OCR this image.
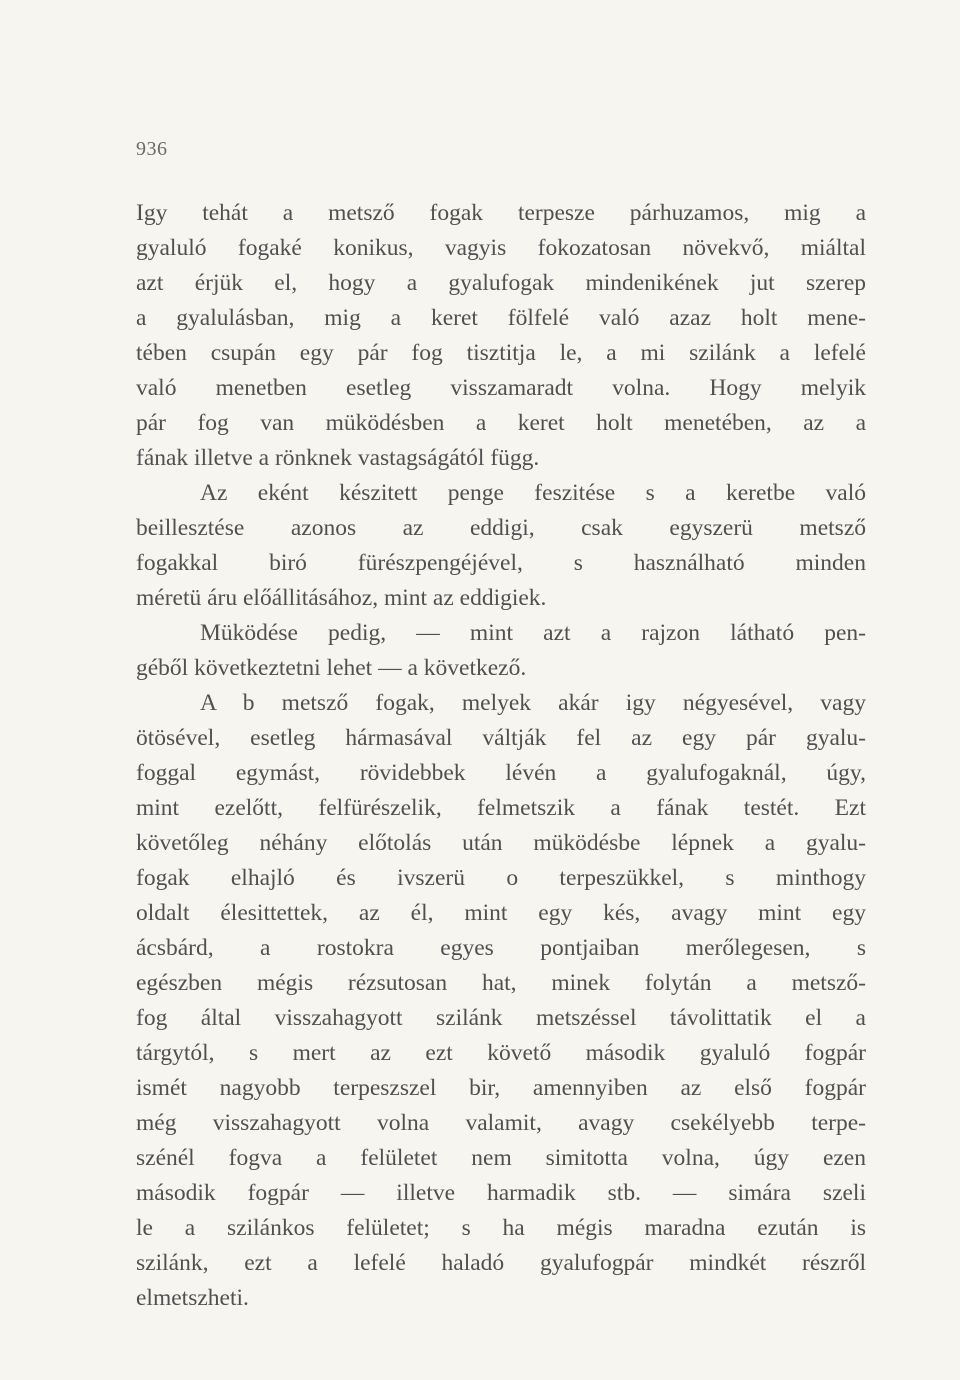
936
Igy tehát a metsző fogak terpesze párhuzamos, mig a
gyaluló fogaké konikus, vagyis fokozatosan növekvő, miáltal
azt érjük el, hogy a gyalufogak mindenikének jut szerep
a gyalulásban, mig a keret fölfelé való azaz holt mene-
tében csupán egy pár fog tisztitja le, a mi szilánk a lefelé
való menetben esetleg visszamaradt volna. Hogy melyik
pár fog van müködésben a keret holt menetében, az a
fának illetve a rönknek vastagságától függ.
Az eként készitett penge feszitése s a keretbe való
beillesztése azonos az eddigi, csak egyszerü metsző
fogakkal biró fürészpengéjével, s használható minden
méretü áru előállitásához, mint az eddigiek.
Müködése pedig, — mint azt a rajzon látható pen-
géből következtetni lehet — a következő.
A b metsző fogak, melyek akár igy négyesével, vagy
ötösével, esetleg hármasával váltják fel az egy pár gyalu-
foggal egymást, rövidebbek lévén a gyalufogaknál, úgy,
mint ezelőtt, felfürészelik, felmetszik a fának testét. Ezt
követőleg néhány előtolás után müködésbe lépnek a gyalu-
fogak elhajló és ivszerü o terpeszükkel, s minthogy
oldalt élesittettek, az él, mint egy kés, avagy mint egy
ácsbárd, a rostokra egyes pontjaiban merőlegesen, s
egészben mégis rézsutosan hat, minek folytán a metsző-
fog által visszahagyott szilánk metszéssel távolittatik el a
tárgytól, s mert az ezt követő második gyaluló fogpár
ismét nagyobb terpeszszel bir, amennyiben az első fogpár
még visszahagyott volna valamit, avagy csekélyebb terpe-
szénél fogva a felületet nem simitotta volna, úgy ezen
második fogpár — illetve harmadik stb. — simára szeli
le a szilánkos felületet; s ha mégis maradna ezután is
szilánk, ezt a lefelé haladó gyalufogpár mindkét részről
elmetszheti.
